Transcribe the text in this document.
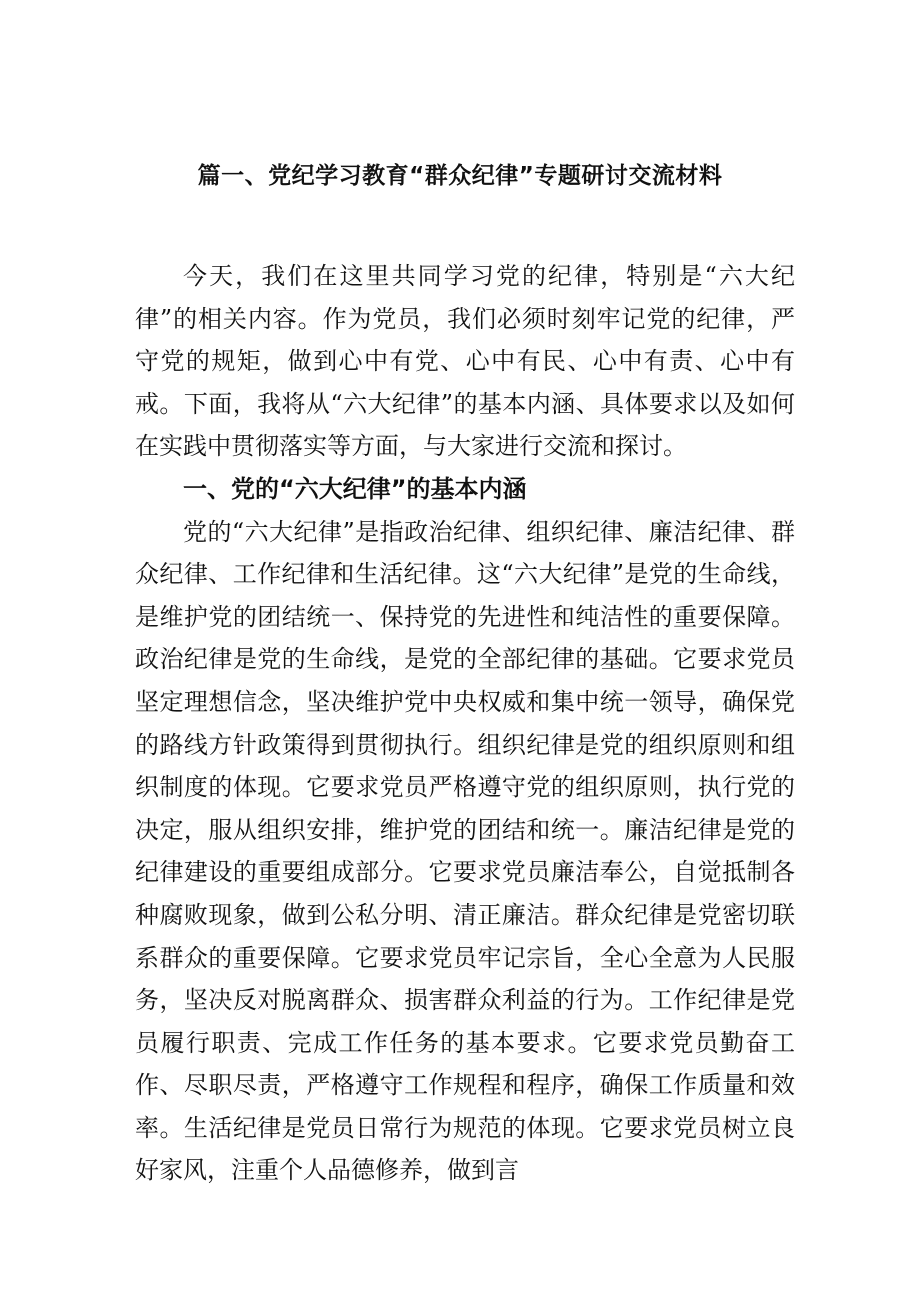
篇一、党纪学习教育“群众纪律”专题研讨交流材料

今天，我们在这里共同学习党的纪律，特别是“六大纪律”的相关内容。作为党员，我们必须时刻牢记党的纪律，严守党的规矩，做到心中有党、心中有民、心中有责、心中有戒。下面，我将从“六大纪律”的基本内涵、具体要求以及如何在实践中贯彻落实等方面，与大家进行交流和探讨。

一、党的“六大纪律”的基本内涵

党的“六大纪律”是指政治纪律、组织纪律、廉洁纪律、群众纪律、工作纪律和生活纪律。这“六大纪律”是党的生命线，是维护党的团结统一、保持党的先进性和纯洁性的重要保障。政治纪律是党的生命线，是党的全部纪律的基础。它要求党员坚定理想信念，坚决维护党中央权威和集中统一领导，确保党的路线方针政策得到贯彻执行。组织纪律是党的组织原则和组织制度的体现。它要求党员严格遵守党的组织原则，执行党的决定，服从组织安排，维护党的团结和统一。廉洁纪律是党的纪律建设的重要组成部分。它要求党员廉洁奉公，自觉抵制各种腐败现象，做到公私分明、清正廉洁。群众纪律是党密切联系群众的重要保障。它要求党员牢记宗旨，全心全意为人民服务，坚决反对脱离群众、损害群众利益的行为。工作纪律是党员履行职责、完成工作任务的基本要求。它要求党员勤奋工作、尽职尽责，严格遵守工作规程和程序，确保工作质量和效率。生活纪律是党员日常行为规范的体现。它要求党员树立良好家风，注重个人品德修养，做到言
